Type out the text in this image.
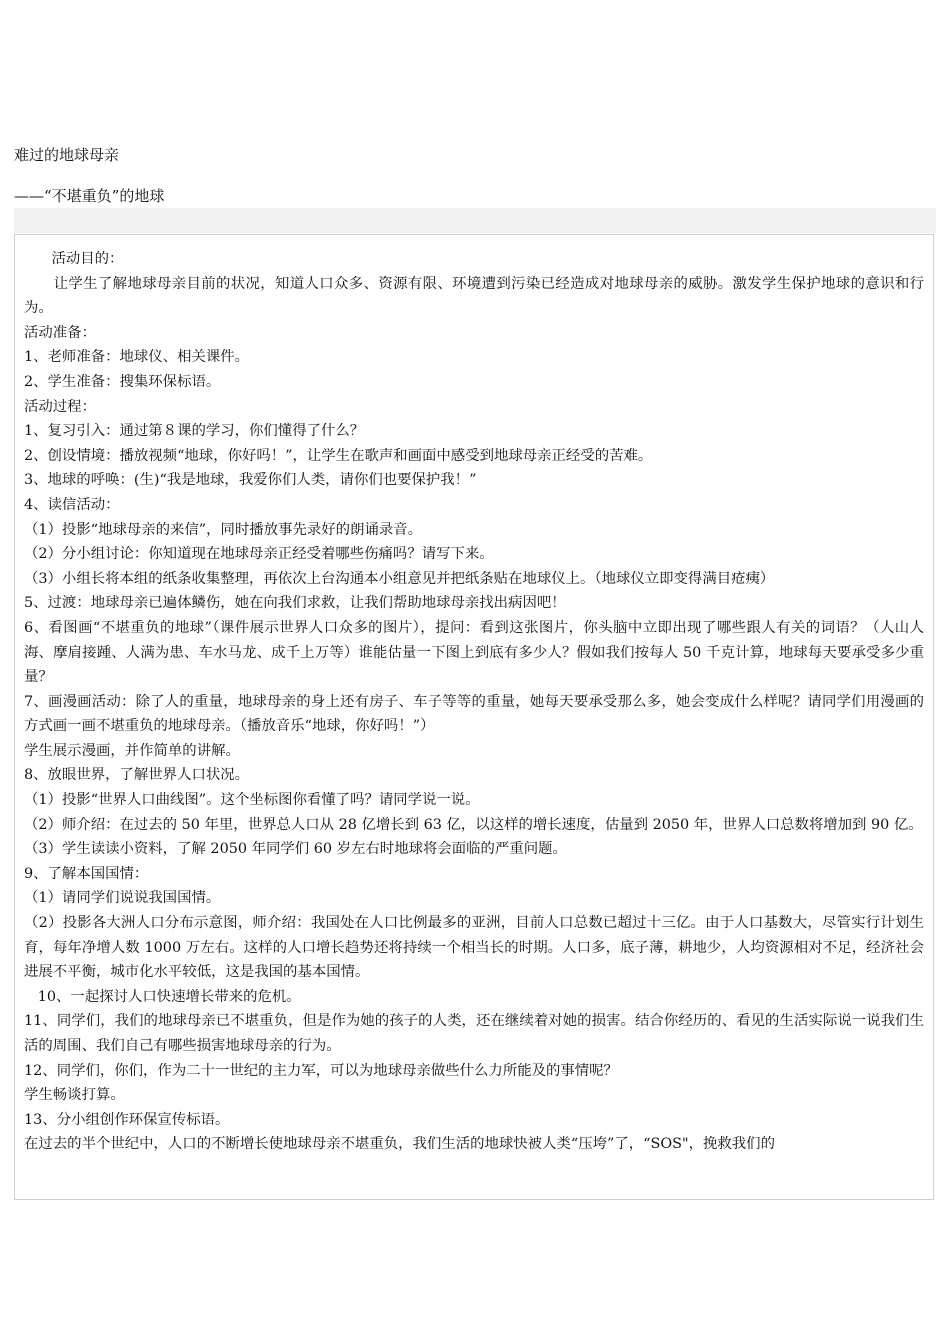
难过的地球母亲
——“不堪重负”的地球

活动目的：

让学生了解地球母亲目前的状况，知道人口众多、资源有限、环境遭到污染已经造成对地球母亲的威胁。激发学生保护地球的意识和行为。

活动准备：

1、老师准备：地球仪、相关课件。

2、学生准备：搜集环保标语。

活动过程：

1、复习引入：通过第８课的学习，你们懂得了什么？

2、创设情境：播放视频“地球，你好吗！”，让学生在歌声和画面中感受到地球母亲正经受的苦难。

3、地球的呼唤：(生)“我是地球，我爱你们人类，请你们也要保护我！”

4、读信活动：

（1）投影“地球母亲的来信”，同时播放事先录好的朗诵录音。

（2）分小组讨论：你知道现在地球母亲正经受着哪些伤痛吗？请写下来。

（3）小组长将本组的纸条收集整理，再依次上台沟通本小组意见并把纸条贴在地球仪上。（地球仪立即变得满目疮痍）

5、过渡：地球母亲已遍体鳞伤，她在向我们求救，让我们帮助地球母亲找出病因吧！

6、看图画“不堪重负的地球”（课件展示世界人口众多的图片），提问：看到这张图片，你头脑中立即出现了哪些跟人有关的词语？（人山人海、摩肩接踵、人满为患、车水马龙、成千上万等）谁能估量一下图上到底有多少人？假如我们按每人 50 千克计算，地球每天要承受多少重量？

7、画漫画活动：除了人的重量，地球母亲的身上还有房子、车子等等的重量，她每天要承受那么多，她会变成什么样呢？请同学们用漫画的方式画一画不堪重负的地球母亲。（播放音乐“地球，你好吗！”）

学生展示漫画，并作简单的讲解。

8、放眼世界，了解世界人口状况。

（1）投影“世界人口曲线图”。这个坐标图你看懂了吗？请同学说一说。

（2）师介绍：在过去的 50 年里，世界总人口从 28 亿增长到 63 亿，以这样的增长速度，估量到 2050 年，世界人口总数将增加到 90 亿。

（3）学生读读小资料，了解 2050 年同学们 60 岁左右时地球将会面临的严重问题。

9、了解本国国情：

（1）请同学们说说我国国情。

（2）投影各大洲人口分布示意图，师介绍：我国处在人口比例最多的亚洲，目前人口总数已超过十三亿。由于人口基数大，尽管实行计划生育，每年净增人数 1000 万左右。这样的人口增长趋势还将持续一个相当长的时期。人口多，底子薄，耕地少，人均资源相对不足，经济社会进展不平衡，城市化水平较低，这是我国的基本国情。

10、一起探讨人口快速增长带来的危机。

11、同学们，我们的地球母亲已不堪重负，但是作为她的孩子的人类，还在继续着对她的损害。结合你经历的、看见的生活实际说一说我们生活的周围、我们自己有哪些损害地球母亲的行为。

12、同学们，你们，作为二十一世纪的主力军，可以为地球母亲做些什么力所能及的事情呢？

学生畅谈打算。

13、分小组创作环保宣传标语。

在过去的半个世纪中，人口的不断增长使地球母亲不堪重负，我们生活的地球快被人类“压垮”了，“SOS"，挽救我们的
